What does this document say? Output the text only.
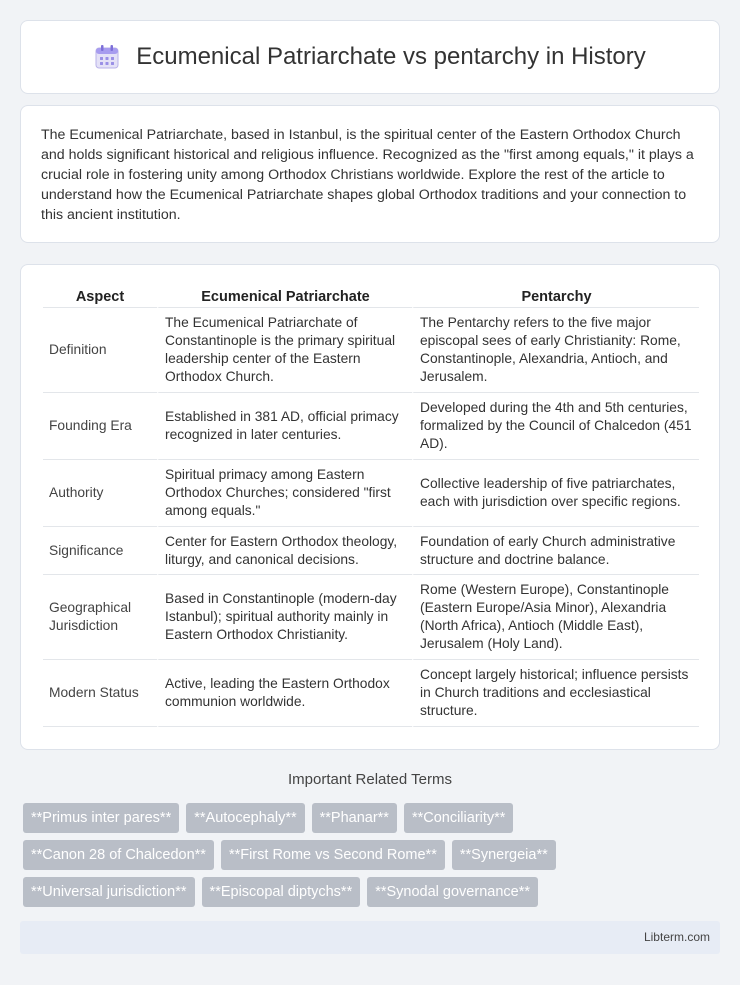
Ecumenical Patriarchate vs pentarchy in History

The Ecumenical Patriarchate, based in Istanbul, is the spiritual center of the Eastern Orthodox Church and holds significant historical and religious influence. Recognized as the "first among equals," it plays a crucial role in fostering unity among Orthodox Christians worldwide. Explore the rest of the article to understand how the Ecumenical Patriarchate shapes global Orthodox traditions and your connection to this ancient institution.

Aspect	Ecumenical Patriarchate	Pentarchy
Definition	The Ecumenical Patriarchate of Constantinople is the primary spiritual leadership center of the Eastern Orthodox Church.	The Pentarchy refers to the five major episcopal sees of early Christianity: Rome, Constantinople, Alexandria, Antioch, and Jerusalem.
Founding Era	Established in 381 AD, official primacy recognized in later centuries.	Developed during the 4th and 5th centuries, formalized by the Council of Chalcedon (451 AD).
Authority	Spiritual primacy among Eastern Orthodox Churches; considered "first among equals."	Collective leadership of five patriarchates, each with jurisdiction over specific regions.
Significance	Center for Eastern Orthodox theology, liturgy, and canonical decisions.	Foundation of early Church administrative structure and doctrine balance.
Geographical Jurisdiction	Based in Constantinople (modern-day Istanbul); spiritual authority mainly in Eastern Orthodox Christianity.	Rome (Western Europe), Constantinople (Eastern Europe/Asia Minor), Alexandria (North Africa), Antioch (Middle East), Jerusalem (Holy Land).
Modern Status	Active, leading the Eastern Orthodox communion worldwide.	Concept largely historical; influence persists in Church traditions and ecclesiastical structure.
Important Related Terms
**Primus inter pares**	**Autocephaly**	**Phanar**	**Conciliarity**
**Canon 28 of Chalcedon**	**First Rome vs Second Rome**	**Synergeia**
**Universal jurisdiction**	**Episcopal diptychs**	**Synodal governance**
Libterm.com
